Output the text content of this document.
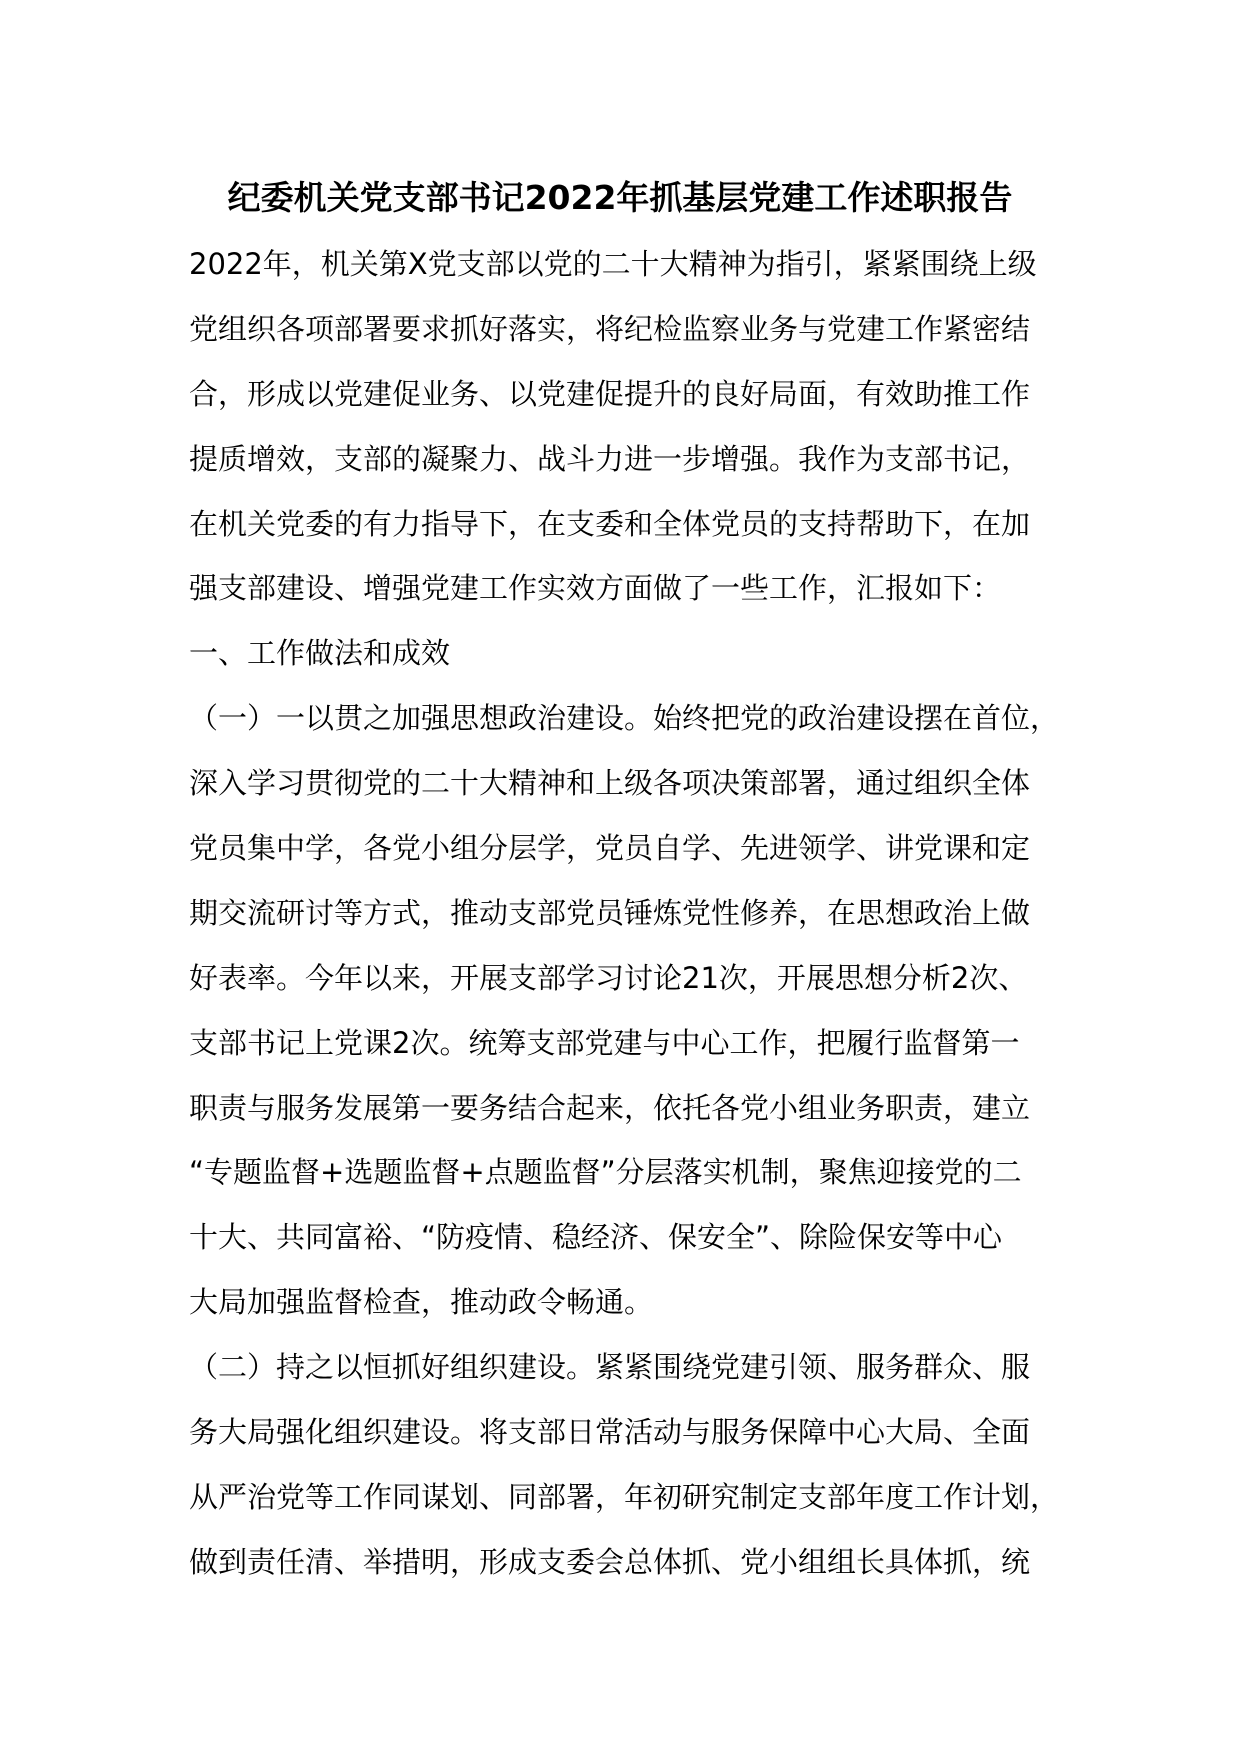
纪委机关党支部书记2022年抓基层党建工作述职报告
2022年，机关第X党支部以党的二十大精神为指引，紧紧围绕上级
党组织各项部署要求抓好落实，将纪检监察业务与党建工作紧密结
合，形成以党建促业务、以党建促提升的良好局面，有效助推工作
提质增效，支部的凝聚力、战斗力进一步增强。我作为支部书记，
在机关党委的有力指导下，在支委和全体党员的支持帮助下，在加
强支部建设、增强党建工作实效方面做了一些工作，汇报如下：
一、工作做法和成效
（一）一以贯之加强思想政治建设。始终把党的政治建设摆在首位，
深入学习贯彻党的二十大精神和上级各项决策部署，通过组织全体
党员集中学，各党小组分层学，党员自学、先进领学、讲党课和定
期交流研讨等方式，推动支部党员锤炼党性修养，在思想政治上做
好表率。今年以来，开展支部学习讨论21次，开展思想分析2次、
支部书记上党课2次。统筹支部党建与中心工作，把履行监督第一
职责与服务发展第一要务结合起来，依托各党小组业务职责，建立
“专题监督+选题监督+点题监督”分层落实机制，聚焦迎接党的二
十大、共同富裕、“防疫情、稳经济、保安全”、除险保安等中心
大局加强监督检查，推动政令畅通。
（二）持之以恒抓好组织建设。紧紧围绕党建引领、服务群众、服
务大局强化组织建设。将支部日常活动与服务保障中心大局、全面
从严治党等工作同谋划、同部署，年初研究制定支部年度工作计划，
做到责任清、举措明，形成支委会总体抓、党小组组长具体抓，统
